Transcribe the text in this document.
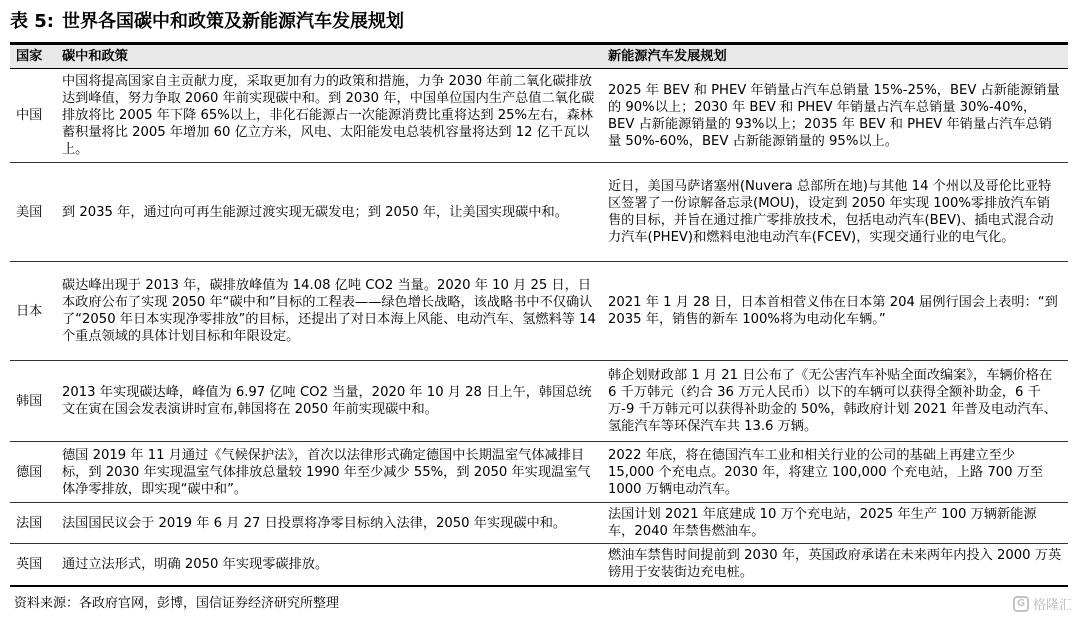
表 5: 世界各国碳中和政策及新能源汽车发展规划
国家	碳中和政策	新能源汽车发展规划
中国	中国将提高国家自主贡献力度，采取更加有力的政策和措施，力争 2030 年前二氧化碳排放达到峰值，努力争取 2060 年前实现碳中和。到 2030 年，中国单位国内生产总值二氧化碳排放将比 2005 年下降 65%以上，非化石能源占一次能源消费比重将达到 25%左右，森林蓄积量将比 2005 年增加 60 亿立方米，风电、太阳能发电总装机容量将达到 12 亿千瓦以上。	2025 年 BEV 和 PHEV 年销量占汽车总销量 15%-25%，BEV 占新能源销量的 90%以上；2030 年 BEV 和 PHEV 年销量占汽车总销量 30%-40%，BEV 占新能源销量的 93%以上；2035 年 BEV 和 PHEV 年销量占汽车总销量 50%-60%，BEV 占新能源销量的 95%以上。
美国	到 2035 年，通过向可再生能源过渡实现无碳发电；到 2050 年，让美国实现碳中和。	近日，美国马萨诸塞州(Nuvera 总部所在地)与其他 14 个州以及哥伦比亚特区签署了一份谅解备忘录(MOU)，设定到 2050 年实现 100%零排放汽车销售的目标，并旨在通过推广零排放技术，包括电动汽车(BEV)、插电式混合动力汽车(PHEV)和燃料电池电动汽车(FCEV)，实现交通行业的电气化。
日本	碳达峰出现于 2013 年，碳排放峰值为 14.08 亿吨 CO2 当量。2020 年 10 月 25 日，日本政府公布了实现 2050 年“碳中和”目标的工程表——绿色增长战略，该战略书中不仅确认了“2050 年日本实现净零排放”的目标，还提出了对日本海上风能、电动汽车、氢燃料等 14 个重点领域的具体计划目标和年限设定。	2021 年 1 月 28 日，日本首相菅义伟在日本第 204 届例行国会上表明：“到 2035 年，销售的新车 100%将为电动化车辆。”
韩国	2013 年实现碳达峰，峰值为 6.97 亿吨 CO2 当量，2020 年 10 月 28 日上午，韩国总统文在寅在国会发表演讲时宣布,韩国将在 2050 年前实现碳中和。	韩企划财政部 1 月 21 日公布了《无公害汽车补贴全面改编案》，车辆价格在 6 千万韩元（约合 36 万元人民币）以下的车辆可以获得全额补助金，6 千万-9 千万韩元可以获得补助金的 50%，韩政府计划 2021 年普及电动汽车、氢能汽车等环保汽车共 13.6 万辆。
德国	德国 2019 年 11 月通过《气候保护法》，首次以法律形式确定德国中长期温室气体减排目标，到 2030 年实现温室气体排放总量较 1990 年至少减少 55%，到 2050 年实现温室气体净零排放，即实现“碳中和”。	2022 年底，将在德国汽车工业和相关行业的公司的基础上再建立至少 15,000 个充电点。2030 年，将建立 100,000 个充电站，上路 700 万至 1000 万辆电动汽车。
法国	法国国民议会于 2019 年 6 月 27 日投票将净零目标纳入法律，2050 年实现碳中和。	法国计划 2021 年底建成 10 万个充电站，2025 年生产 100 万辆新能源车，2040 年禁售燃油车。
英国	通过立法形式，明确 2050 年实现零碳排放。	燃油车禁售时间提前到 2030 年，英国政府承诺在未来两年内投入 2000 万英镑用于安装街边充电桩。
资料来源：各政府官网，彭博，国信证券经济研究所整理	G 格隆汇
